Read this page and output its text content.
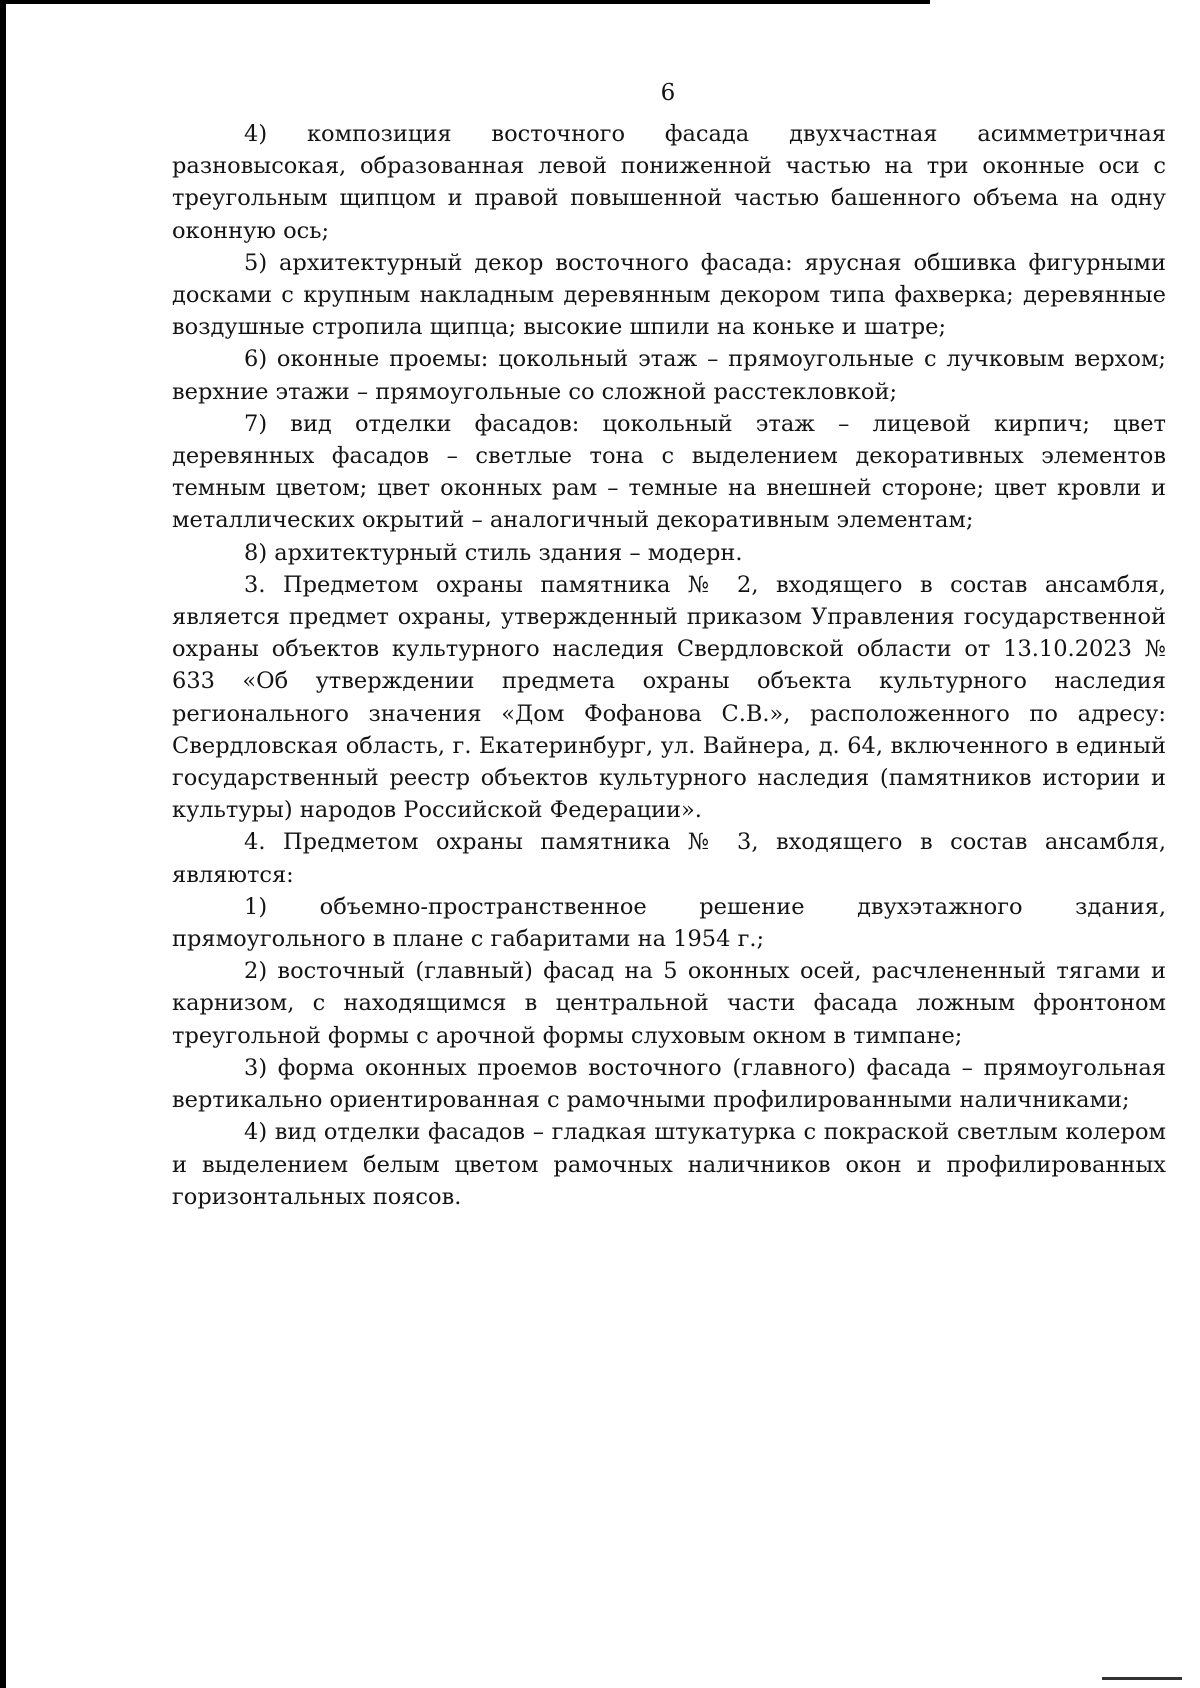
6

4) композиция восточного фасада двухчастная асимметричная разновысокая, образованная левой пониженной частью на три оконные оси с треугольным щипцом и правой повышенной частью башенного объема на одну оконную ось;

5) архитектурный декор восточного фасада: ярусная обшивка фигурными досками с крупным накладным деревянным декором типа фахверка; деревянные воздушные стропила щипца; высокие шпили на коньке и шатре;

6) оконные проемы: цокольный этаж – прямоугольные с лучковым верхом; верхние этажи – прямоугольные со сложной расстекловкой;

7) вид отделки фасадов: цокольный этаж – лицевой кирпич; цвет деревянных фасадов – светлые тона с выделением декоративных элементов темным цветом; цвет оконных рам – темные на внешней стороне; цвет кровли и металлических окрытий – аналогичный декоративным элементам;

8) архитектурный стиль здания – модерн.

3. Предметом охраны памятника № 2, входящего в состав ансамбля, является предмет охраны, утвержденный приказом Управления государственной охраны объектов культурного наследия Свердловской области от 13.10.2023 № 633 «Об утверждении предмета охраны объекта культурного наследия регионального значения «Дом Фофанова С.В.», расположенного по адресу: Свердловская область, г. Екатеринбург, ул. Вайнера, д. 64, включенного в единый государственный реестр объектов культурного наследия (памятников истории и культуры) народов Российской Федерации».

4. Предметом охраны памятника № 3, входящего в состав ансамбля, являются:

1) объемно-пространственное решение двухэтажного здания, прямоугольного в плане с габаритами на 1954 г.;

2) восточный (главный) фасад на 5 оконных осей, расчлененный тягами и карнизом, с находящимся в центральной части фасада ложным фронтоном треугольной формы с арочной формы слуховым окном в тимпане;

3) форма оконных проемов восточного (главного) фасада – прямоугольная вертикально ориентированная с рамочными профилированными наличниками;

4) вид отделки фасадов – гладкая штукатурка с покраской светлым колером и выделением белым цветом рамочных наличников окон и профилированных горизонтальных поясов.
